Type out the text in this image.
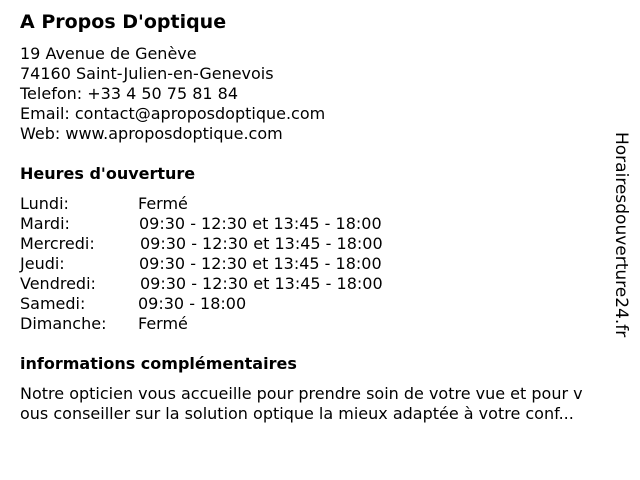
A Propos D'optique
19 Avenue de Genève
74160 Saint-Julien-en-Genevois
Telefon: +33 4 50 75 81 84
Email: contact@aproposdoptique.com
Web: www.aproposdoptique.com
Heures d'ouverture
Lundi:	Fermé
Mardi:	09:30 - 12:30 et 13:45 - 18:00
Mercredi:	09:30 - 12:30 et 13:45 - 18:00
Jeudi:	09:30 - 12:30 et 13:45 - 18:00
Vendredi:	09:30 - 12:30 et 13:45 - 18:00
Samedi:	09:30 - 18:00
Dimanche: Fermé
informations complémentaires
Notre opticien vous accueille pour prendre soin de votre vue et pour v
ous conseiller sur la solution optique la mieux adaptée à votre conf...
Horairesdouverture24.fr
